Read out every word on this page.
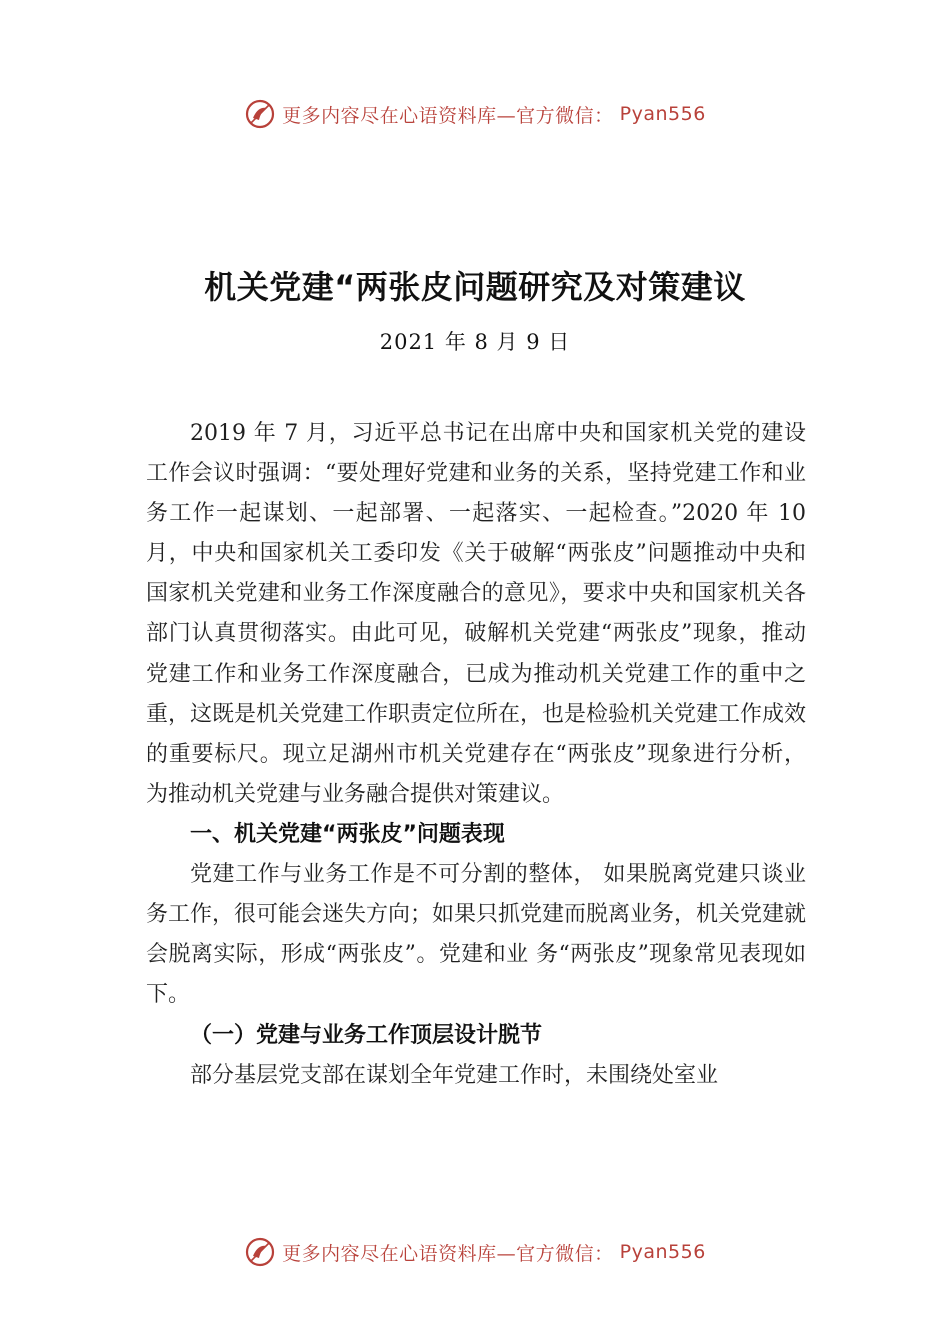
更多内容尽在心语资料库—官方微信： Pyan556
机关党建“两张皮问题研究及对策建议
2021 年 8 月 9 日

2019 年 7 月，习近平总书记在出席中央和国家机关党的建设工作会议时强调：“要处理好党建和业务的关系，坚持党建工作和业务工作一起谋划、一起部署、一起落实、一起检查。”2020 年 10 月，中央和国家机关工委印发《关于破解“两张皮”问题推动中央和国家机关党建和业务工作深度融合的意见》，要求中央和国家机关各部门认真贯彻落实。由此可见，破解机关党建“两张皮”现象，推动党建工作和业务工作深度融合，已成为推动机关党建工作的重中之重，这既是机关党建工作职责定位所在，也是检验机关党建工作成效的重要标尺。现立足湖州市机关党建存在“两张皮”现象进行分析，为推动机关党建与业务融合提供对策建议。

一、机关党建“两张皮”问题表现

党建工作与业务工作是不可分割的整体， 如果脱离党建只谈业务工作，很可能会迷失方向；如果只抓党建而脱离业务，机关党建就会脱离实际，形成“两张皮”。党建和业 务“两张皮”现象常见表现如下。

（一）党建与业务工作顶层设计脱节

部分基层党支部在谋划全年党建工作时，未围绕处室业

更多内容尽在心语资料库—官方微信： Pyan556
